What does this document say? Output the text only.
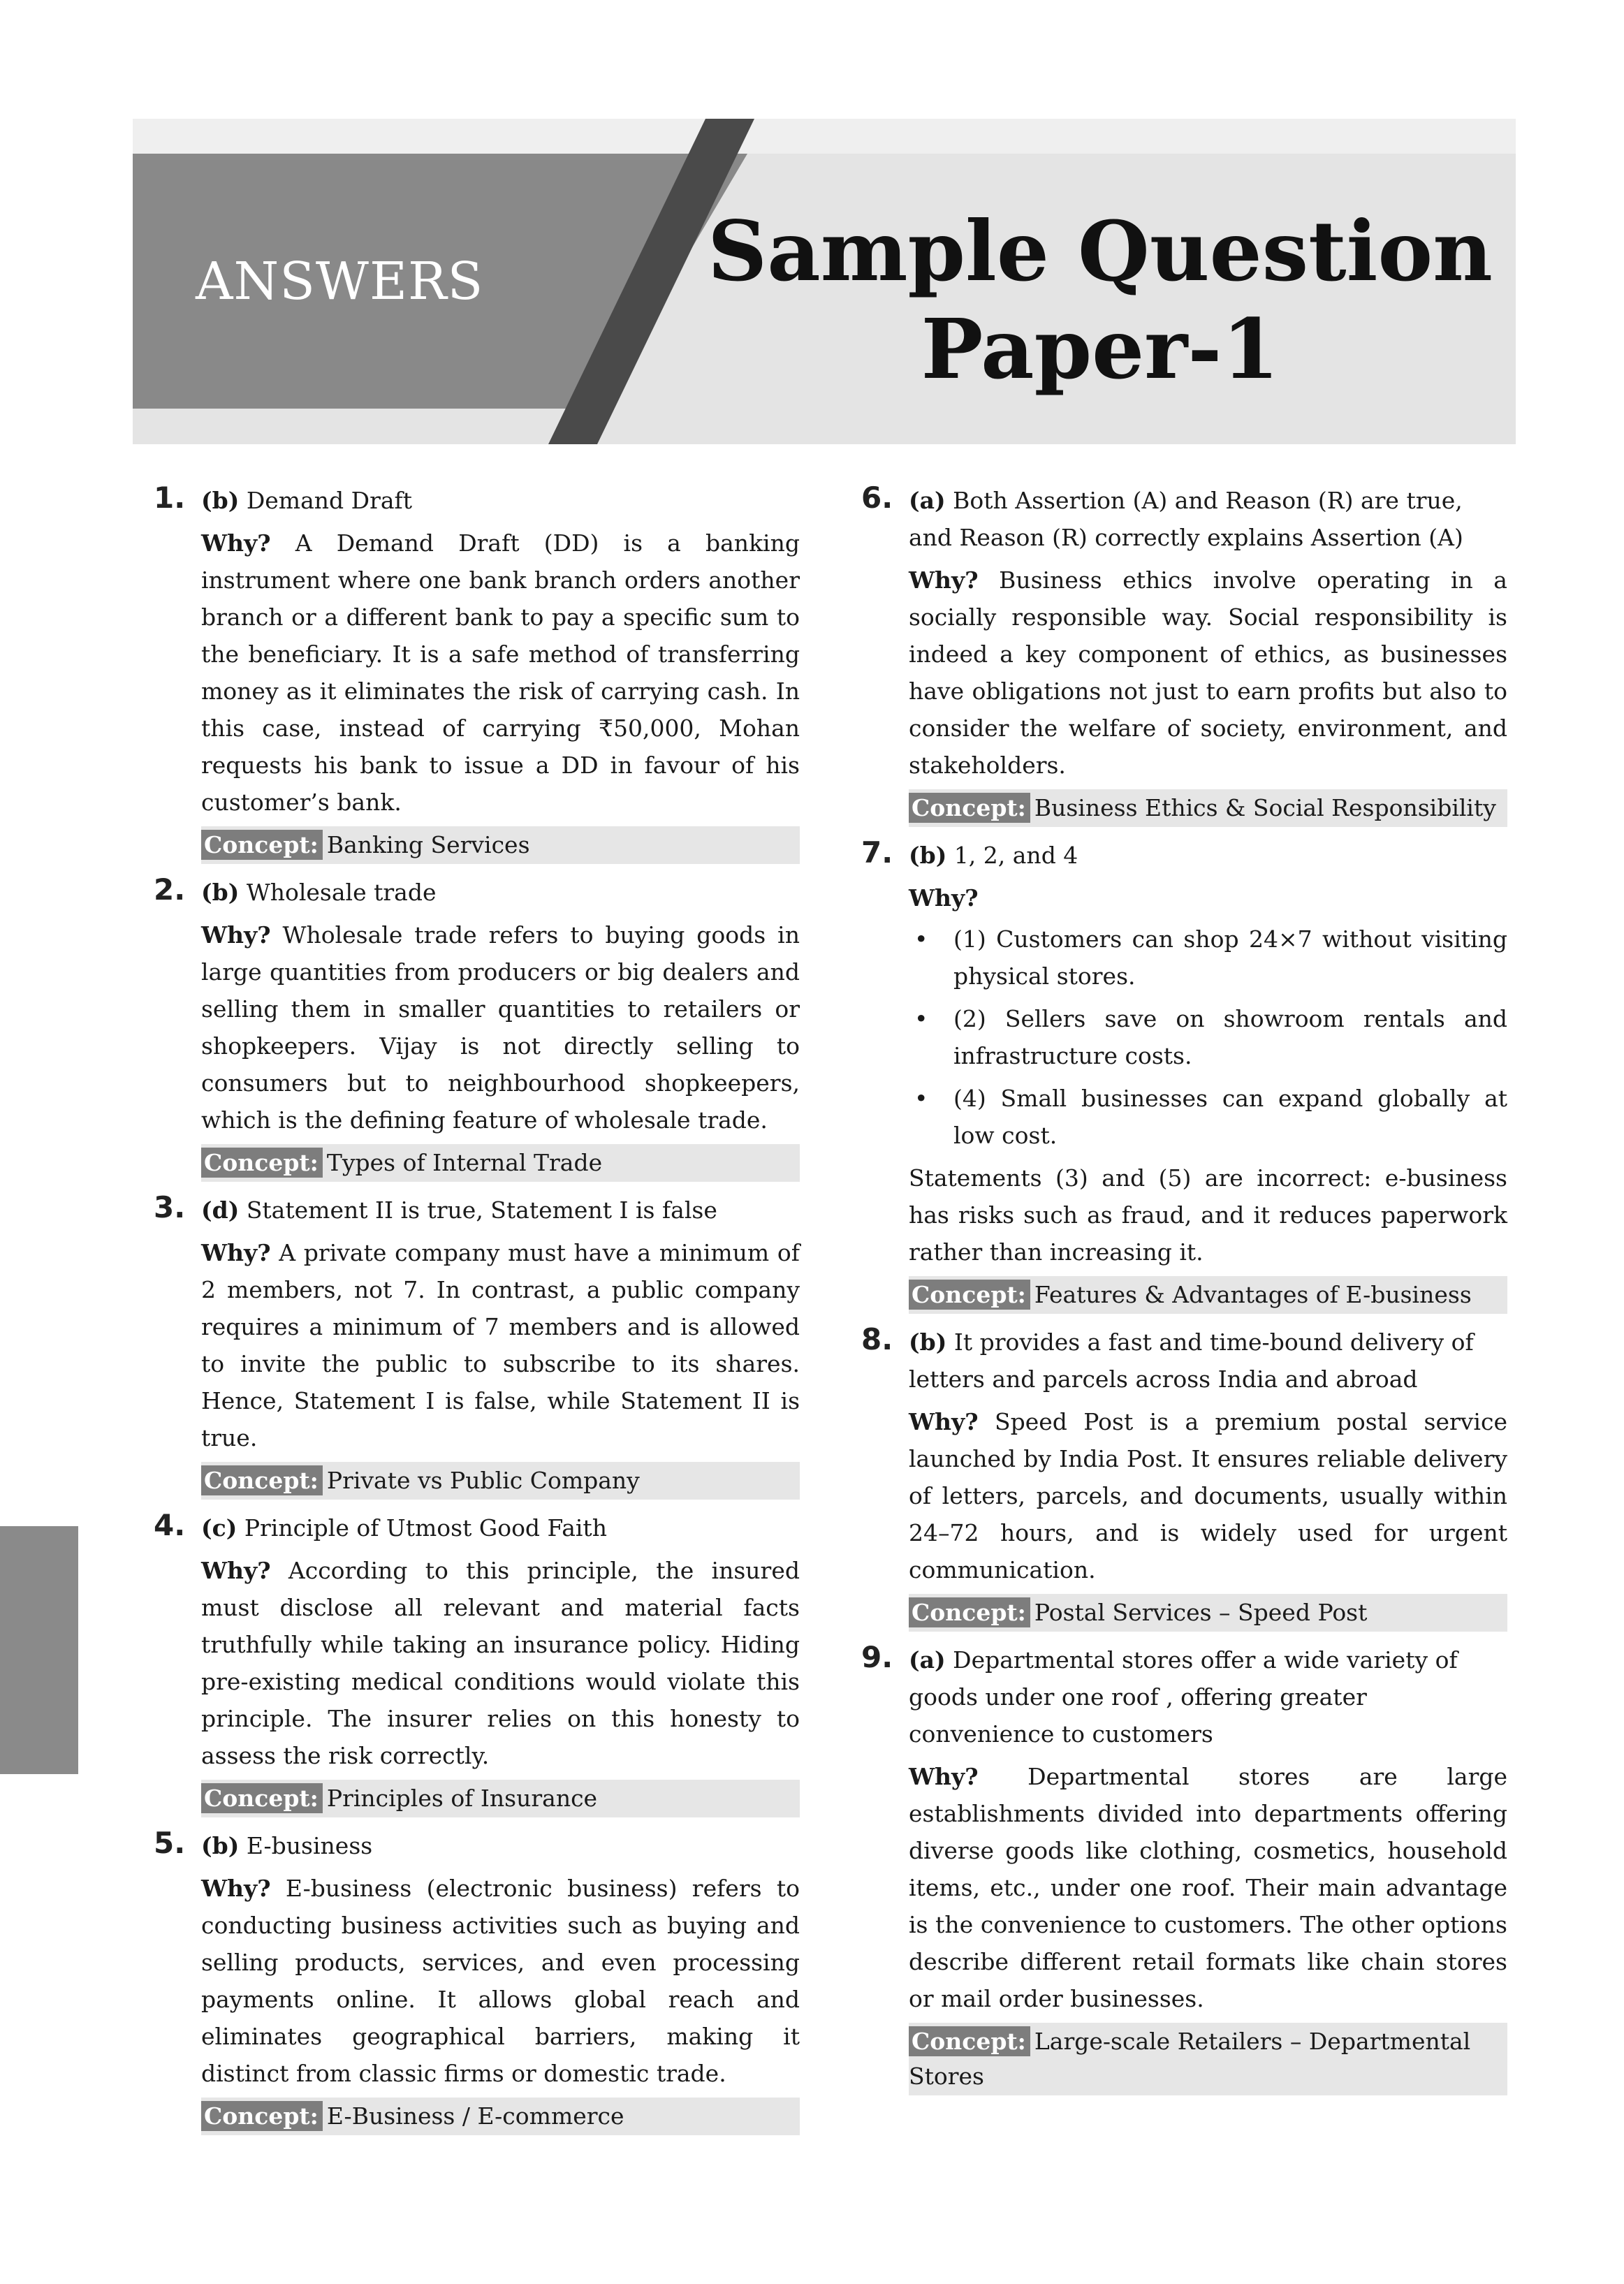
ANSWERS	Sample Question
Paper-1
1. (b) Demand Draft
Why? A Demand Draft (DD) is a banking instrument where one bank branch orders another branch or a different bank to pay a specific sum to the beneficiary. It is a safe method of transferring money as it eliminates the risk of carrying cash. In this case, instead of carrying ₹50,000, Mohan requests his bank to issue a DD in favour of his customer’s bank.
Concept: Banking Services
2. (b) Wholesale trade
Why? Wholesale trade refers to buying goods in large quantities from producers or big dealers and selling them in smaller quantities to retailers or shopkeepers. Vijay is not directly selling to consumers but to neighbourhood shopkeepers, which is the defining feature of wholesale trade.
Concept: Types of Internal Trade
3. (d) Statement II is true, Statement I is false
Why? A private company must have a minimum of 2 members, not 7. In contrast, a public company requires a minimum of 7 members and is allowed to invite the public to subscribe to its shares. Hence, Statement I is false, while Statement II is true.
Concept: Private vs Public Company
4. (c) Principle of Utmost Good Faith
Why? According to this principle, the insured must disclose all relevant and material facts truthfully while taking an insurance policy. Hiding pre-existing medical conditions would violate this principle. The insurer relies on this honesty to assess the risk correctly.
Concept: Principles of Insurance
5. (b) E-business
Why? E-business (electronic business) refers to conducting business activities such as buying and selling products, services, and even processing payments online. It allows global reach and eliminates geographical barriers, making it distinct from classic firms or domestic trade.
Concept: E-Business / E-commerce
6. (a) Both Assertion (A) and Reason (R) are true, and Reason (R) correctly explains Assertion (A)
Why? Business ethics involve operating in a socially responsible way. Social responsibility is indeed a key component of ethics, as businesses have obligations not just to earn profits but also to consider the welfare of society, environment, and stakeholders.
Concept: Business Ethics & Social Responsibility
7. (b) 1, 2, and 4
Why?
• (1) Customers can shop 24×7 without visiting physical stores.
• (2) Sellers save on showroom rentals and infrastructure costs.
• (4) Small businesses can expand globally at low cost.
Statements (3) and (5) are incorrect: e-business has risks such as fraud, and it reduces paperwork rather than increasing it.
Concept: Features & Advantages of E-business
8. (b) It provides a fast and time-bound delivery of letters and parcels across India and abroad
Why? Speed Post is a premium postal service launched by India Post. It ensures reliable delivery of letters, parcels, and documents, usually within 24–72 hours, and is widely used for urgent communication.
Concept: Postal Services – Speed Post
9. (a) Departmental stores offer a wide variety of goods under one roof , offering greater convenience to customers
Why? Departmental stores are large establishments divided into departments offering diverse goods like clothing, cosmetics, household items, etc., under one roof. Their main advantage is the convenience to customers. The other options describe different retail formats like chain stores or mail order businesses.
Concept: Large-scale Retailers – Departmental Stores
